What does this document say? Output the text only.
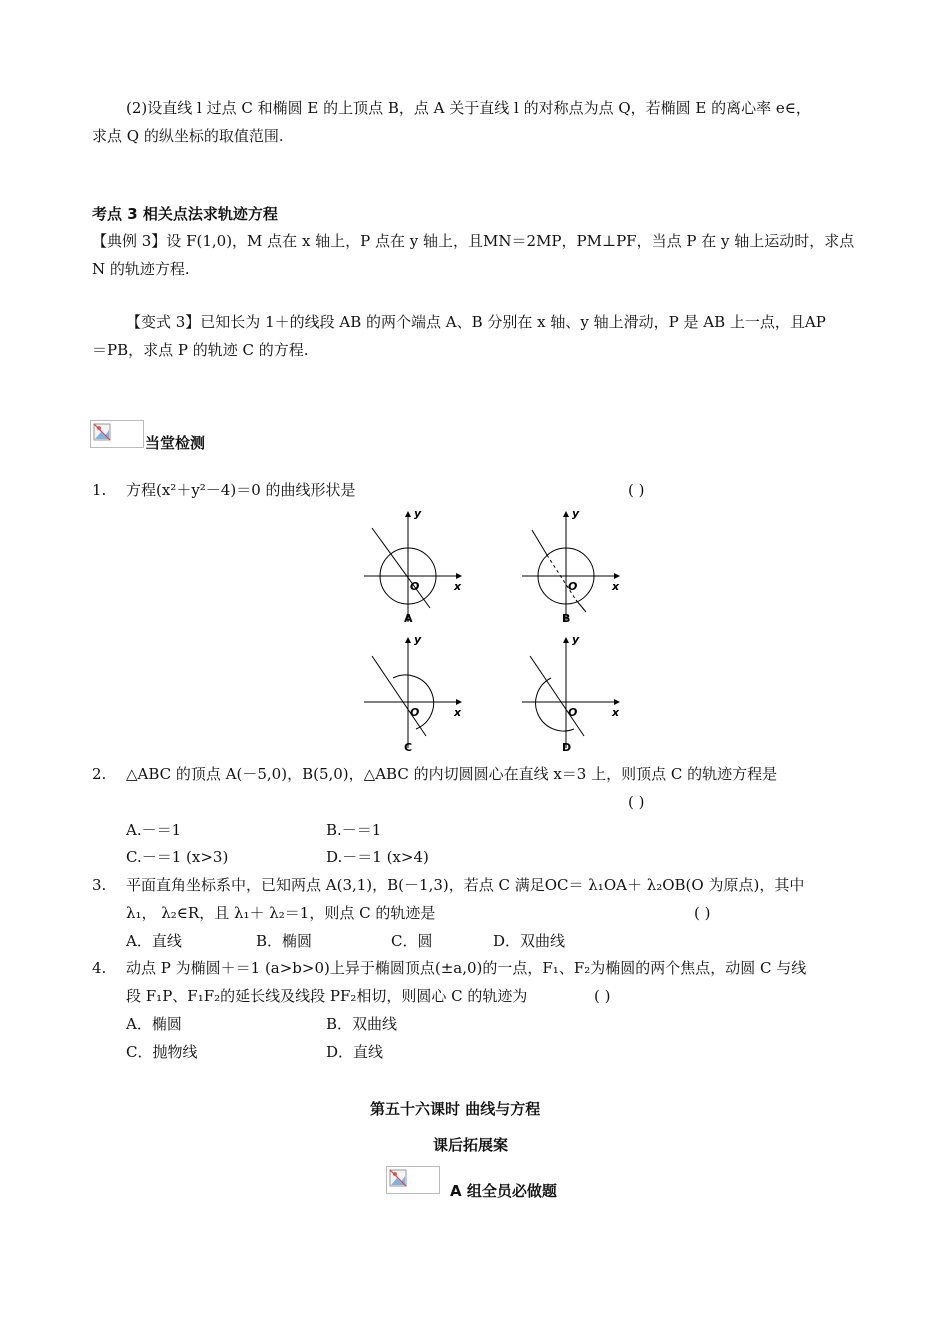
(2)设直线 l 过点 C 和椭圆 E 的上顶点 B，点 A 关于直线 l 的对称点为点 Q，若椭圆 E 的离心率 e∈，
求点 Q 的纵坐标的取值范围.
考点 3 相关点法求轨迹方程
【典例 3】设 F(1,0)，M 点在 x 轴上，P 点在 y 轴上，且MN＝2MP，PM⊥PF，当点 P 在 y 轴上运动时，求点
N 的轨迹方程.
【变式 3】已知长为 1＋的线段 AB 的两个端点 A、B 分别在 x 轴、y 轴上滑动，P 是 AB 上一点，且AP
＝PB，求点 P 的轨迹 C 的方程.
当堂检测
1. 方程(x²＋y²－4)＝0 的曲线形状是	( )
y
x
O
A
y
x
O
B
y
x
O
C
y
x
O
D
2. △ABC 的顶点 A(－5,0)，B(5,0)，△ABC 的内切圆圆心在直线 x＝3 上，则顶点 C 的轨迹方程是
( )
A.－＝1	B.－＝1
C.－＝1 (x>3)	D.－＝1 (x>4)
3. 平面直角坐标系中，已知两点 A(3,1)，B(－1,3)，若点 C 满足OC＝ λ₁OA＋ λ₂OB(O 为原点)，其中
λ₁， λ₂∈R，且 λ₁＋ λ₂＝1，则点 C 的轨迹是	( )
A．直线	B．椭圆	C．圆	D．双曲线
4. 动点 P 为椭圆＋＝1 (a>b>0)上异于椭圆顶点(±a,0)的一点，F₁、F₂为椭圆的两个焦点，动圆 C 与线
段 F₁P、F₁F₂的延长线及线段 PF₂相切，则圆心 C 的轨迹为	( )
A．椭圆	B．双曲线
C．抛物线	D．直线
第五十六课时 曲线与方程
课后拓展案
A 组全员必做题
